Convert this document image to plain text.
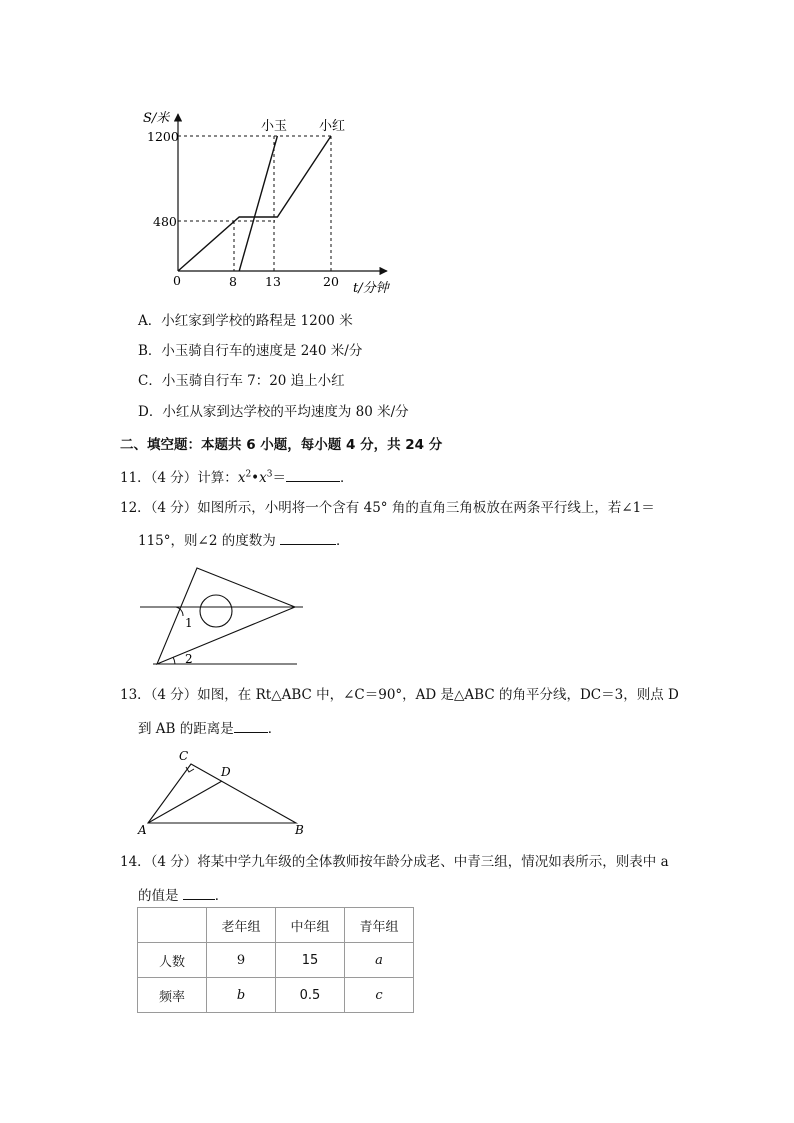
S/米
1200
480
0	8 13	20 t/分钟
小玉 小红
A．小红家到学校的路程是 1200 米
B．小玉骑自行车的速度是 240 米/分
C．小玉骑自行车 7：20 追上小红
D．小红从家到达学校的平均速度为 80 米/分
二、填空题：本题共 6 小题，每小题 4 分，共 24 分
11．（4 分）计算：$x^2•x^3=$	．
12．（4 分）如图所示，小明将一个含有 45° 角的直角三角板放在两条平行线上，若∠1＝
115°，则∠2 的度数为	．
1
2
13．（4 分）如图，在 Rt△ABC 中，∠C＝90°，AD 是△ABC 的角平分线，DC＝3，则点 D
到 AB 的距离是	．
C
D
A	B
14．（4 分）将某中学九年级的全体教师按年龄分成老、中青三组，情况如表所示，则表中 a
的值是 ．
	老年组	中年组	青年组
人数	9	15	a
频率	b	0.5	c
